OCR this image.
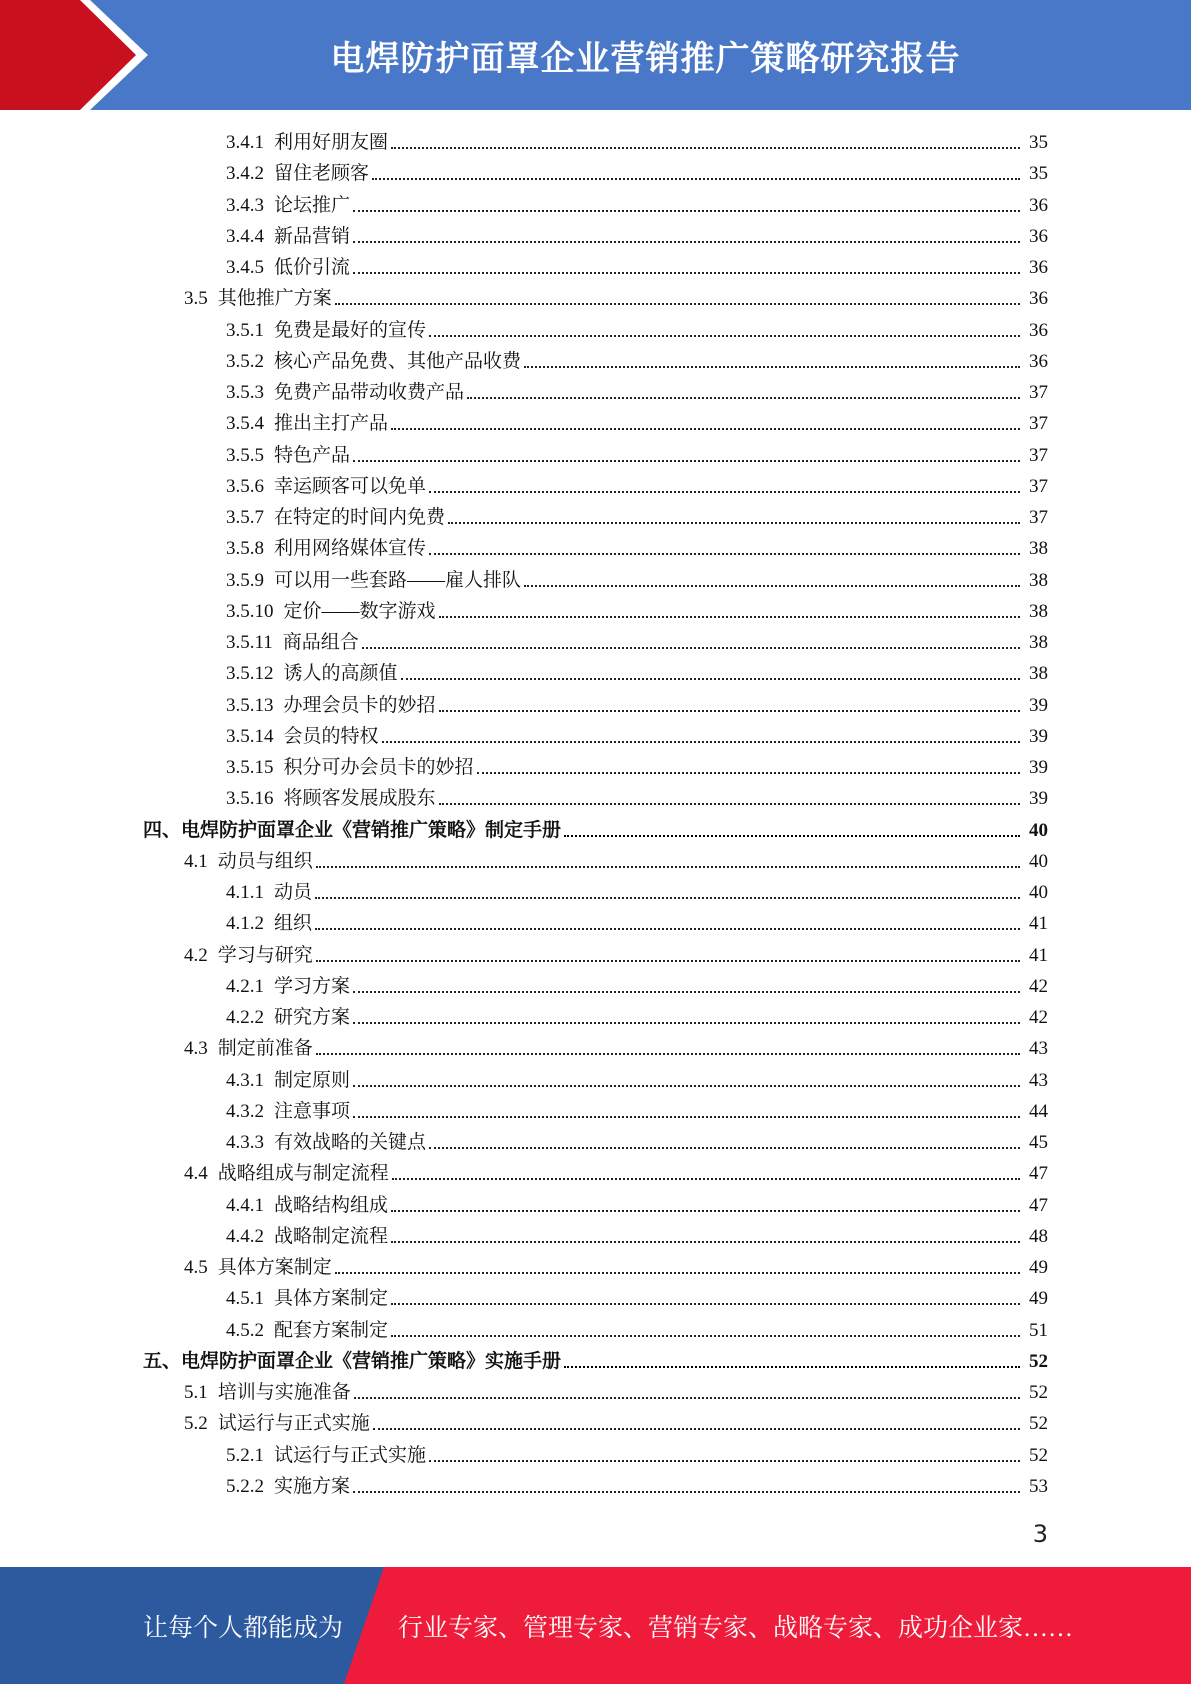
电焊防护面罩企业营销推广策略研究报告
3.4.1 利用好朋友圈	35
3.4.2 留住老顾客	35
3.4.3 论坛推广	36
3.4.4 新品营销	36
3.4.5 低价引流	36
3.5 其他推广方案	36
3.5.1 免费是最好的宣传	36
3.5.2 核心产品免费、其他产品收费	36
3.5.3 免费产品带动收费产品	37
3.5.4 推出主打产品	37
3.5.5 特色产品	37
3.5.6 幸运顾客可以免单	37
3.5.7 在特定的时间内免费	37
3.5.8 利用网络媒体宣传	38
3.5.9 可以用一些套路——雇人排队	38
3.5.10 定价——数字游戏	38
3.5.11 商品组合	38
3.5.12 诱人的高颜值	38
3.5.13 办理会员卡的妙招	39
3.5.14 会员的特权	39
3.5.15 积分可办会员卡的妙招	39
3.5.16 将顾客发展成股东	39
四、电焊防护面罩企业《营销推广策略》制定手册	40
4.1 动员与组织	40
4.1.1 动员	40
4.1.2 组织	41
4.2 学习与研究	41
4.2.1 学习方案	42
4.2.2 研究方案	42
4.3 制定前准备	43
4.3.1 制定原则	43
4.3.2 注意事项	44
4.3.3 有效战略的关键点	45
4.4 战略组成与制定流程	47
4.4.1 战略结构组成	47
4.4.2 战略制定流程	48
4.5 具体方案制定	49
4.5.1 具体方案制定	49
4.5.2 配套方案制定	51
五、电焊防护面罩企业《营销推广策略》实施手册	52
5.1 培训与实施准备	52
5.2 试运行与正式实施	52
5.2.1 试运行与正式实施	52
5.2.2 实施方案	53
3
让每个人都能成为 行业专家、管理专家、营销专家、战略专家、成功企业家……
